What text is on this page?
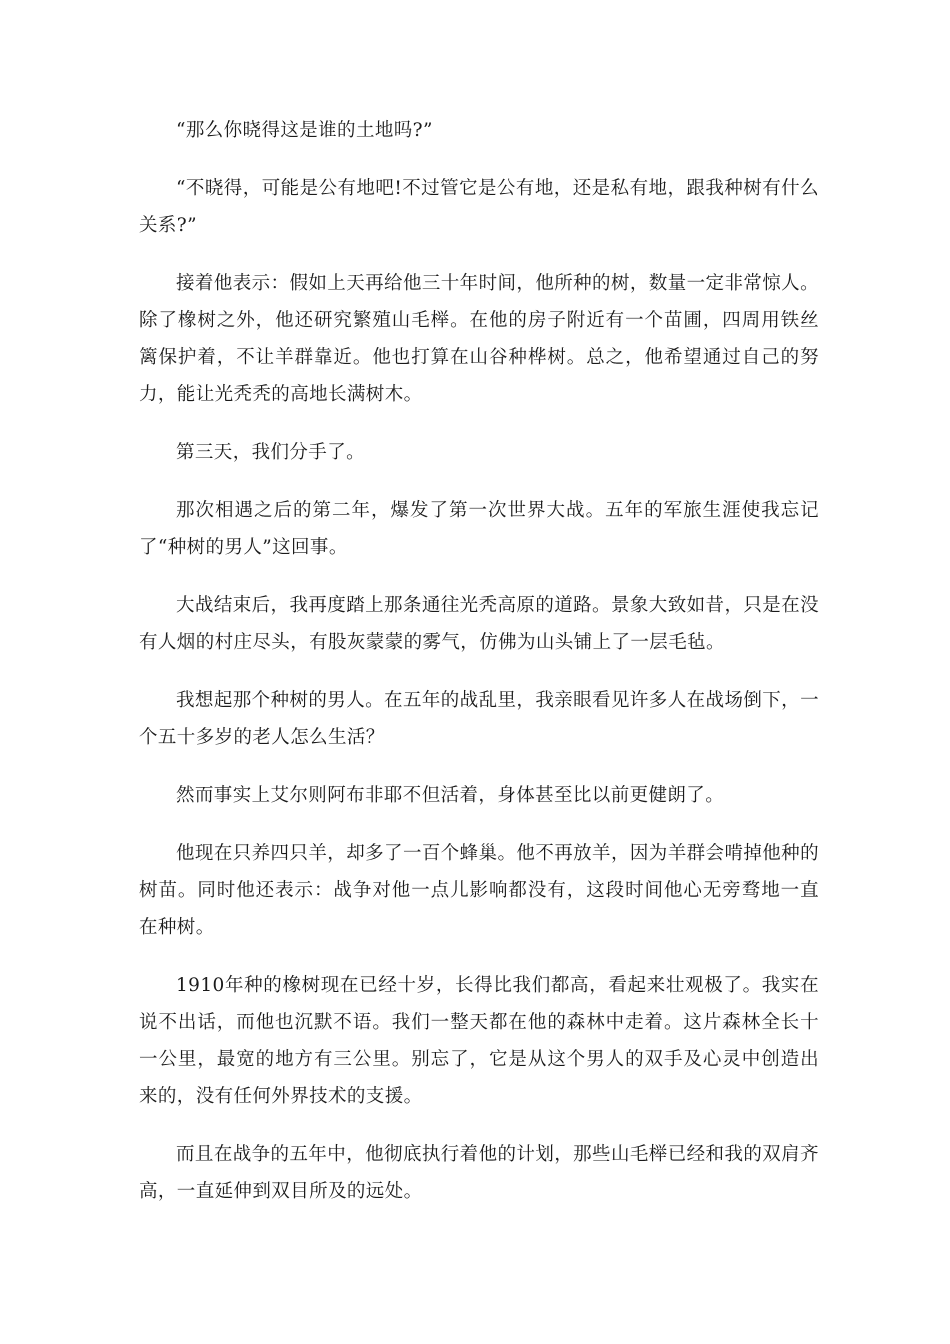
“那么你晓得这是谁的土地吗?”

“不晓得，可能是公有地吧!不过管它是公有地，还是私有地，跟我种树有什么关系?”

接着他表示：假如上天再给他三十年时间，他所种的树，数量一定非常惊人。除了橡树之外，他还研究繁殖山毛榉。在他的房子附近有一个苗圃，四周用铁丝篱保护着，不让羊群靠近。他也打算在山谷种桦树。总之，他希望通过自己的努力，能让光秃秃的高地长满树木。

第三天，我们分手了。

那次相遇之后的第二年，爆发了第一次世界大战。五年的军旅生涯使我忘记了“种树的男人”这回事。

大战结束后，我再度踏上那条通往光秃高原的道路。景象大致如昔，只是在没有人烟的村庄尽头，有股灰蒙蒙的雾气，仿佛为山头铺上了一层毛毡。

我想起那个种树的男人。在五年的战乱里，我亲眼看见许多人在战场倒下，一个五十多岁的老人怎么生活？

然而事实上艾尔则阿布非耶不但活着，身体甚至比以前更健朗了。

他现在只养四只羊，却多了一百个蜂巢。他不再放羊，因为羊群会啃掉他种的树苗。同时他还表示：战争对他一点儿影响都没有，这段时间他心无旁骛地一直在种树。

1910年种的橡树现在已经十岁，长得比我们都高，看起来壮观极了。我实在说不出话，而他也沉默不语。我们一整天都在他的森林中走着。这片森林全长十一公里，最宽的地方有三公里。别忘了，它是从这个男人的双手及心灵中创造出来的，没有任何外界技术的支援。

而且在战争的五年中，他彻底执行着他的计划，那些山毛榉已经和我的双肩齐高，一直延伸到双目所及的远处。
